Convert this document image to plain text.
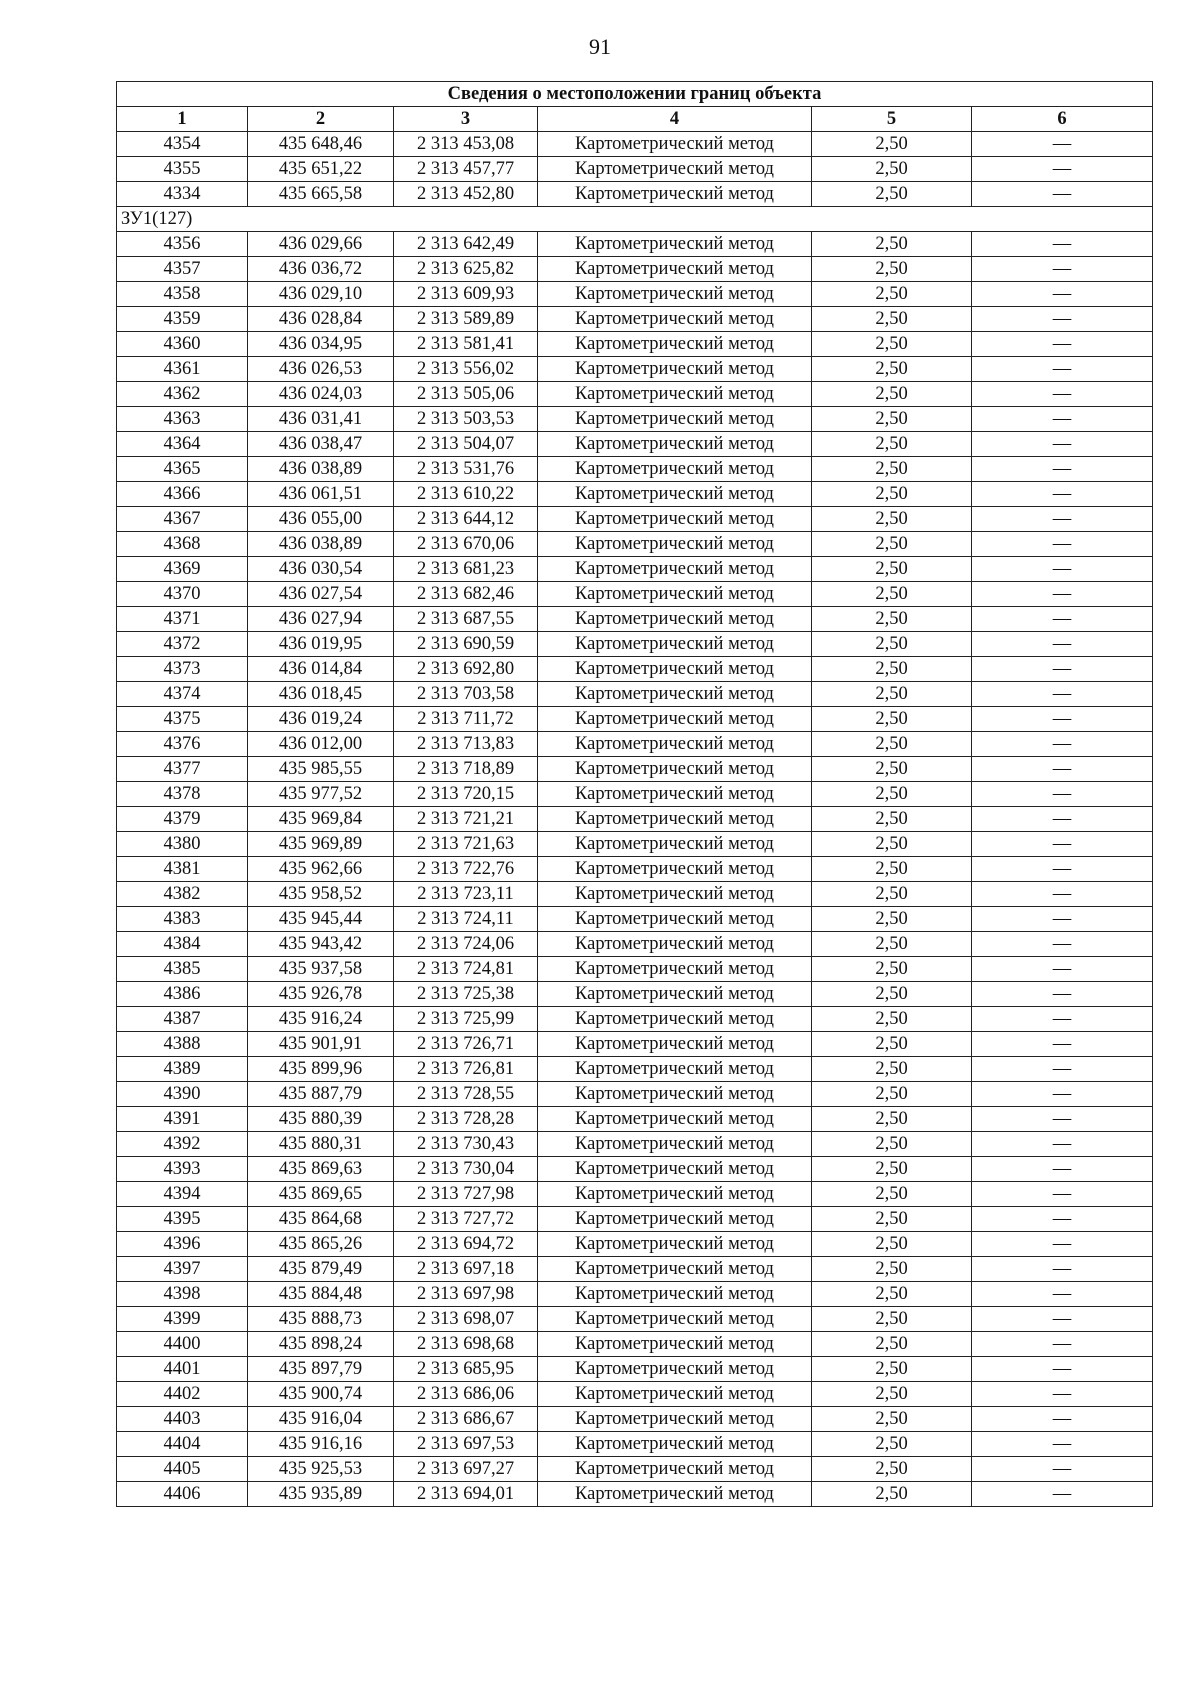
91
Сведения о местоположении границ объекта					
1	2	3	4	5	6
4354	435 648,46	2 313 453,08	Картометрический метод	2,50	—
4355	435 651,22	2 313 457,77	Картометрический метод	2,50	—
4334	435 665,58	2 313 452,80	Картометрический метод	2,50	—
ЗУ1(127)					
4356	436 029,66	2 313 642,49	Картометрический метод	2,50	—
4357	436 036,72	2 313 625,82	Картометрический метод	2,50	—
4358	436 029,10	2 313 609,93	Картометрический метод	2,50	—
4359	436 028,84	2 313 589,89	Картометрический метод	2,50	—
4360	436 034,95	2 313 581,41	Картометрический метод	2,50	—
4361	436 026,53	2 313 556,02	Картометрический метод	2,50	—
4362	436 024,03	2 313 505,06	Картометрический метод	2,50	—
4363	436 031,41	2 313 503,53	Картометрический метод	2,50	—
4364	436 038,47	2 313 504,07	Картометрический метод	2,50	—
4365	436 038,89	2 313 531,76	Картометрический метод	2,50	—
4366	436 061,51	2 313 610,22	Картометрический метод	2,50	—
4367	436 055,00	2 313 644,12	Картометрический метод	2,50	—
4368	436 038,89	2 313 670,06	Картометрический метод	2,50	—
4369	436 030,54	2 313 681,23	Картометрический метод	2,50	—
4370	436 027,54	2 313 682,46	Картометрический метод	2,50	—
4371	436 027,94	2 313 687,55	Картометрический метод	2,50	—
4372	436 019,95	2 313 690,59	Картометрический метод	2,50	—
4373	436 014,84	2 313 692,80	Картометрический метод	2,50	—
4374	436 018,45	2 313 703,58	Картометрический метод	2,50	—
4375	436 019,24	2 313 711,72	Картометрический метод	2,50	—
4376	436 012,00	2 313 713,83	Картометрический метод	2,50	—
4377	435 985,55	2 313 718,89	Картометрический метод	2,50	—
4378	435 977,52	2 313 720,15	Картометрический метод	2,50	—
4379	435 969,84	2 313 721,21	Картометрический метод	2,50	—
4380	435 969,89	2 313 721,63	Картометрический метод	2,50	—
4381	435 962,66	2 313 722,76	Картометрический метод	2,50	—
4382	435 958,52	2 313 723,11	Картометрический метод	2,50	—
4383	435 945,44	2 313 724,11	Картометрический метод	2,50	—
4384	435 943,42	2 313 724,06	Картометрический метод	2,50	—
4385	435 937,58	2 313 724,81	Картометрический метод	2,50	—
4386	435 926,78	2 313 725,38	Картометрический метод	2,50	—
4387	435 916,24	2 313 725,99	Картометрический метод	2,50	—
4388	435 901,91	2 313 726,71	Картометрический метод	2,50	—
4389	435 899,96	2 313 726,81	Картометрический метод	2,50	—
4390	435 887,79	2 313 728,55	Картометрический метод	2,50	—
4391	435 880,39	2 313 728,28	Картометрический метод	2,50	—
4392	435 880,31	2 313 730,43	Картометрический метод	2,50	—
4393	435 869,63	2 313 730,04	Картометрический метод	2,50	—
4394	435 869,65	2 313 727,98	Картометрический метод	2,50	—
4395	435 864,68	2 313 727,72	Картометрический метод	2,50	—
4396	435 865,26	2 313 694,72	Картометрический метод	2,50	—
4397	435 879,49	2 313 697,18	Картометрический метод	2,50	—
4398	435 884,48	2 313 697,98	Картометрический метод	2,50	—
4399	435 888,73	2 313 698,07	Картометрический метод	2,50	—
4400	435 898,24	2 313 698,68	Картометрический метод	2,50	—
4401	435 897,79	2 313 685,95	Картометрический метод	2,50	—
4402	435 900,74	2 313 686,06	Картометрический метод	2,50	—
4403	435 916,04	2 313 686,67	Картометрический метод	2,50	—
4404	435 916,16	2 313 697,53	Картометрический метод	2,50	—
4405	435 925,53	2 313 697,27	Картометрический метод	2,50	—
4406	435 935,89	2 313 694,01	Картометрический метод	2,50	—
